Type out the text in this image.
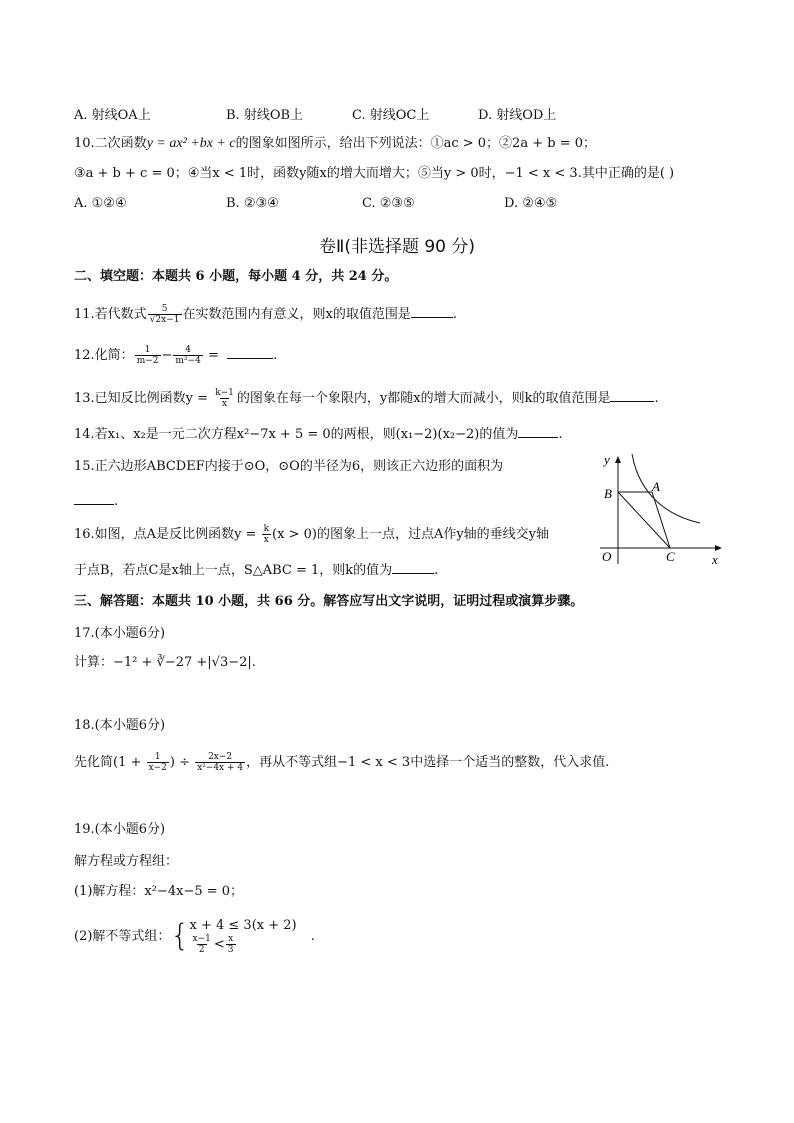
A. 射线OA上	B. 射线OB上	C. 射线OC上	D. 射线OD上
10.二次函数y = ax² +bx + c的图象如图所示，给出下列说法：①ac > 0；②2a + b = 0；
③a + b + c = 0；④当x < 1时，函数y随x的增大而增大；⑤当y > 0时，−1 < x < 3.其中正确的是( )
A. ①②④	B. ②③④	C. ②③⑤	D. ②④⑤
卷Ⅱ(非选择题 90 分)
二、填空题：本题共 6 小题，每小题 4 分，共 24 分。
11.若代数式 $\frac{5}{√2x-1}$ 在实数范围内有意义，则x的取值范围是	.
12.化简： $\frac{1}{m-2} - \frac{4}{\text{m²−4}}$ =	.
13.已知反比例函数$y = \frac{k-1}{x}$ 的图象在每一个象限内，y都随x的增大而减小，则k的取值范围是	.
14.若x₁、x₂是一元二次方程x²−7x + 5 = 0的两根，则(x₁−2)(x₂−2)的值为	.
15.正六边形ABCDEF内接于⊙O，⊙O的半径为6，则该正六边形的面积为
.
16.如图，点A是反比例函数$y = \frac{k}{x} (x > 0)$的图象上一点，过点A作y轴的垂线交y轴
于点B，若点C是x轴上一点，S△ABC = 1，则k的值为	.
y
x
O
A
B
C
三、解答题：本题共 10 小题，共 66 分。解答应写出文字说明，证明过程或演算步骤。
17.(本小题6分)
计算：−1² + ∛−27 +|√3−2|.
18.(本小题6分)
先化简($1 + \frac{1}{x-2}$ ) ÷ $\frac{2x-2}{\text{x²−4x + 4}}$ ，再从不等式组−1 < x < 3中选择一个适当的整数，代入求值.
19.(本小题6分)
解方程或方程组：
(1)解方程：x²−4x−5 = 0；
(2)解不等式组：{ x + 4 ≤ 3(x + 2)
$\frac{x-1}{2} < \frac{x}{3}$	.
